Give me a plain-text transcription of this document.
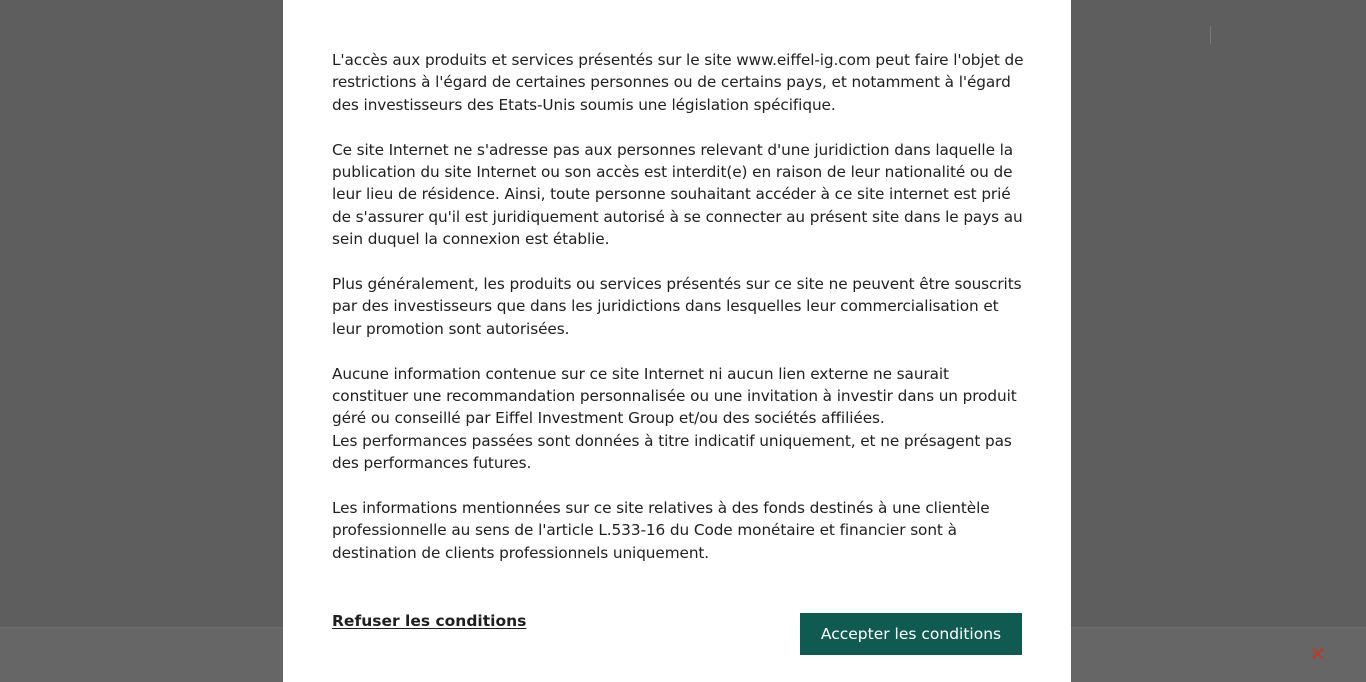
✕

L'accès aux produits et services présentés sur le site www.eiffel-ig.com peut faire l'objet de restrictions à l'égard de certaines personnes ou de certains pays, et notamment à l'égard des investisseurs des Etats-Unis soumis une législation spécifique.

Ce site Internet ne s'adresse pas aux personnes relevant d'une juridiction dans laquelle la publication du site Internet ou son accès est interdit(e) en raison de leur nationalité ou de leur lieu de résidence. Ainsi, toute personne souhaitant accéder à ce site internet est prié de s'assurer qu'il est juridiquement autorisé à se connecter au présent site dans le pays au sein duquel la connexion est établie.

Plus généralement, les produits ou services présentés sur ce site ne peuvent être souscrits par des investisseurs que dans les juridictions dans lesquelles leur commercialisation et leur promotion sont autorisées.

Aucune information contenue sur ce site Internet ni aucun lien externe ne saurait constituer une recommandation personnalisée ou une invitation à investir dans un produit géré ou conseillé par Eiffel Investment Group et/ou des sociétés affiliées.

Les performances passées sont données à titre indicatif uniquement, et ne présagent pas des performances futures.

Les informations mentionnées sur ce site relatives à des fonds destinés à une clientèle professionnelle au sens de l'article L.533-16 du Code monétaire et financier sont à destination de clients professionnels uniquement.

Refuser les conditions
Accepter les conditions
